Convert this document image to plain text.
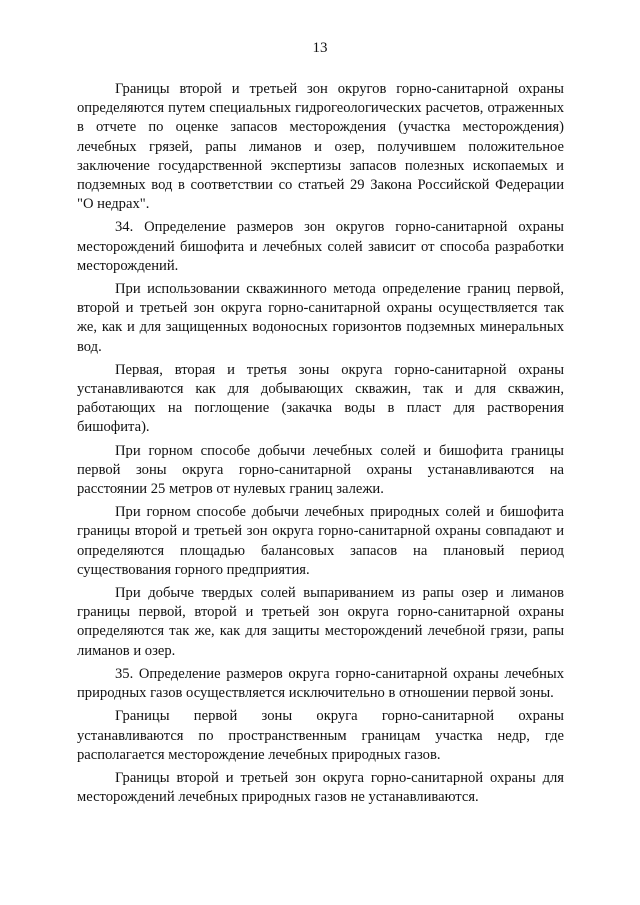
13

Границы второй и третьей зон округов горно-санитарной охраны определяются путем специальных гидрогеологических расчетов, отраженных в отчете по оценке запасов месторождения (участка месторождения) лечебных грязей, рапы лиманов и озер, получившем положительное заключение государственной экспертизы запасов полезных ископаемых и подземных вод в соответствии со статьей 29 Закона Российской Федерации "О недрах".

34. Определение размеров зон округов горно-санитарной охраны месторождений бишофита и лечебных солей зависит от способа разработки месторождений.

При использовании скважинного метода определение границ первой, второй и третьей зон округа горно-санитарной охраны осуществляется так же, как и для защищенных водоносных горизонтов подземных минеральных вод.

Первая, вторая и третья зоны округа горно-санитарной охраны устанавливаются как для добывающих скважин, так и для скважин, работающих на поглощение (закачка воды в пласт для растворения бишофита).

При горном способе добычи лечебных солей и бишофита границы первой зоны округа горно-санитарной охраны устанавливаются на расстоянии 25 метров от нулевых границ залежи.

При горном способе добычи лечебных природных солей и бишофита границы второй и третьей зон округа горно-санитарной охраны совпадают и определяются площадью балансовых запасов на плановый период существования горного предприятия.

При добыче твердых солей выпариванием из рапы озер и лиманов границы первой, второй и третьей зон округа горно-санитарной охраны определяются так же, как для защиты месторождений лечебной грязи, рапы лиманов и озер.

35. Определение размеров округа горно-санитарной охраны лечебных природных газов осуществляется исключительно в отношении первой зоны.

Границы первой зоны округа горно-санитарной охраны устанавливаются по пространственным границам участка недр, где располагается месторождение лечебных природных газов.

Границы второй и третьей зон округа горно-санитарной охраны для месторождений лечебных природных газов не устанавливаются.
